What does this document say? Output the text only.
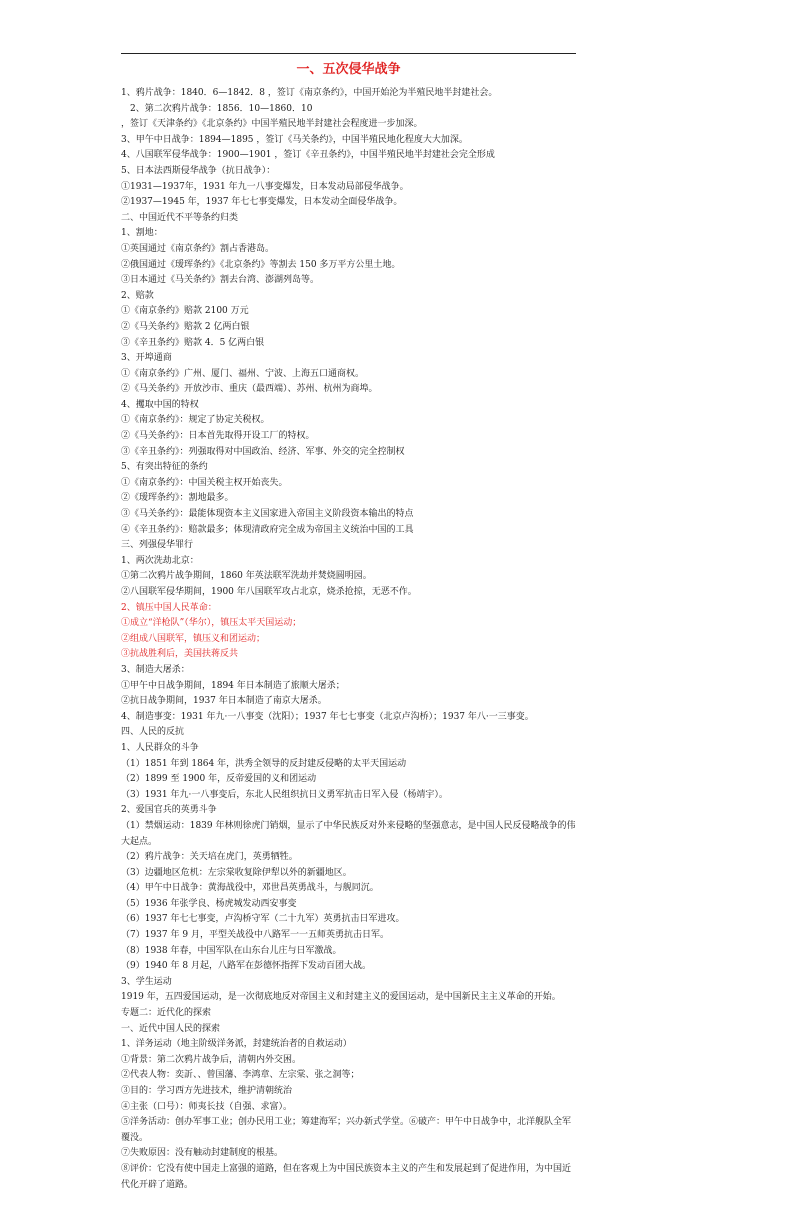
一、五次侵华战争
1、鸦片战争：1840．6—1842．8 ，签订《南京条约》，中国开始沦为半殖民地半封建社会。
2、第二次鸦片战争：1856．10—1860．10
，签订《天津条约》《北京条约》中国半殖民地半封建社会程度进一步加深。
3、甲午中日战争：1894—1895 ，签订《马关条约》，中国半殖民地化程度大大加深。
4、八国联军侵华战争：1900—1901 ，签订《辛丑条约》，中国半殖民地半封建社会完全形成
5、日本法西斯侵华战争（抗日战争）：
①1931—1937年，1931 年九一八事变爆发，日本发动局部侵华战争。
②1937—1945 年，1937 年七七事变爆发，日本发动全面侵华战争。
二、中国近代不平等条约归类
1、割地：
①英国通过《南京条约》割占香港岛。
②俄国通过《瑷珲条约》《北京条约》等割去 150 多万平方公里土地。
③日本通过《马关条约》割去台湾、澎湖列岛等。
2、赔款
①《南京条约》赔款 2100 万元
②《马关条约》赔款 2 亿两白银
③《辛丑条约》赔款 4．5 亿两白银
3、开埠通商
①《南京条约》广州、厦门、福州、宁波、上海五口通商权。
②《马关条约》开放沙市、重庆（最西端）、苏州、杭州为商埠。
4、攫取中国的特权
①《南京条约》：规定了协定关税权。
②《马关条约》：日本首先取得开设工厂的特权。
③《辛丑条约》：列强取得对中国政治、经济、军事、外交的完全控制权
5、有突出特征的条约
①《南京条约》：中国关税主权开始丧失。
②《瑷珲条约》：割地最多。
③《马关条约》：最能体现资本主义国家进入帝国主义阶段资本输出的特点
④《辛丑条约》：赔款最多；体现清政府完全成为帝国主义统治中国的工具
三、列强侵华罪行
1、两次洗劫北京：
①第二次鸦片战争期间，1860 年英法联军洗劫并焚烧圆明园。
②八国联军侵华期间，1900 年八国联军攻占北京，烧杀抢掠，无恶不作。
2、镇压中国人民革命：
①成立“洋枪队”（华尔），镇压太平天国运动；
②组成八国联军，镇压义和团运动；
③抗战胜利后，美国扶蒋反共
3、制造大屠杀：
①甲午中日战争期间，1894 年日本制造了旅顺大屠杀；
②抗日战争期间，1937 年日本制造了南京大屠杀。
4、制造事变：1931 年九·一八事变（沈阳）；1937 年七七事变（北京卢沟桥）；1937 年八·一三事变。
四、人民的反抗
1、人民群众的斗争
（1）1851 年到 1864 年，洪秀全领导的反封建反侵略的太平天国运动
（2）1899 至 1900 年，反帝爱国的义和团运动
（3）1931 年九·一八事变后，东北人民组织抗日义勇军抗击日军入侵（杨靖宇）。
2、爱国官兵的英勇斗争
（1）禁烟运动：1839 年林则徐虎门销烟，显示了中华民族反对外来侵略的坚强意志，是中国人民反侵略战争的伟大起点。
（2）鸦片战争：关天培在虎门，英勇牺牲。
（3）边疆地区危机：左宗棠收复除伊犁以外的新疆地区。
（4）甲午中日战争：黄海战役中，邓世昌英勇战斗，与舰同沉。
（5）1936 年张学良、杨虎城发动西安事变
（6）1937 年七七事变，卢沟桥守军（二十九军）英勇抗击日军进攻。
（7）1937 年 9 月，平型关战役中八路军一一五师英勇抗击日军。
（8）1938 年春，中国军队在山东台儿庄与日军激战。
（9）1940 年 8 月起，八路军在彭德怀指挥下发动百团大战。
3、学生运动
1919 年，五四爱国运动，是一次彻底地反对帝国主义和封建主义的爱国运动，是中国新民主主义革命的开始。
专题二：近代化的探索
一、近代中国人民的探索
1、洋务运动（地主阶级洋务派，封建统治者的自救运动）
①背景：第二次鸦片战争后，清朝内外交困。
②代表人物：奕訢、、曾国藩、李鸿章、左宗棠、张之洞等；
③目的：学习西方先进技术，维护清朝统治
④主张（口号）：师夷长技（自强、求富）。
⑤洋务活动：创办军事工业；创办民用工业；筹建海军；兴办新式学堂。⑥破产：甲午中日战争中，北洋舰队全军覆没。
⑦失败原因：没有触动封建制度的根基。
⑧评价：它没有使中国走上富强的道路，但在客观上为中国民族资本主义的产生和发展起到了促进作用，为中国近代化开辟了道路。
